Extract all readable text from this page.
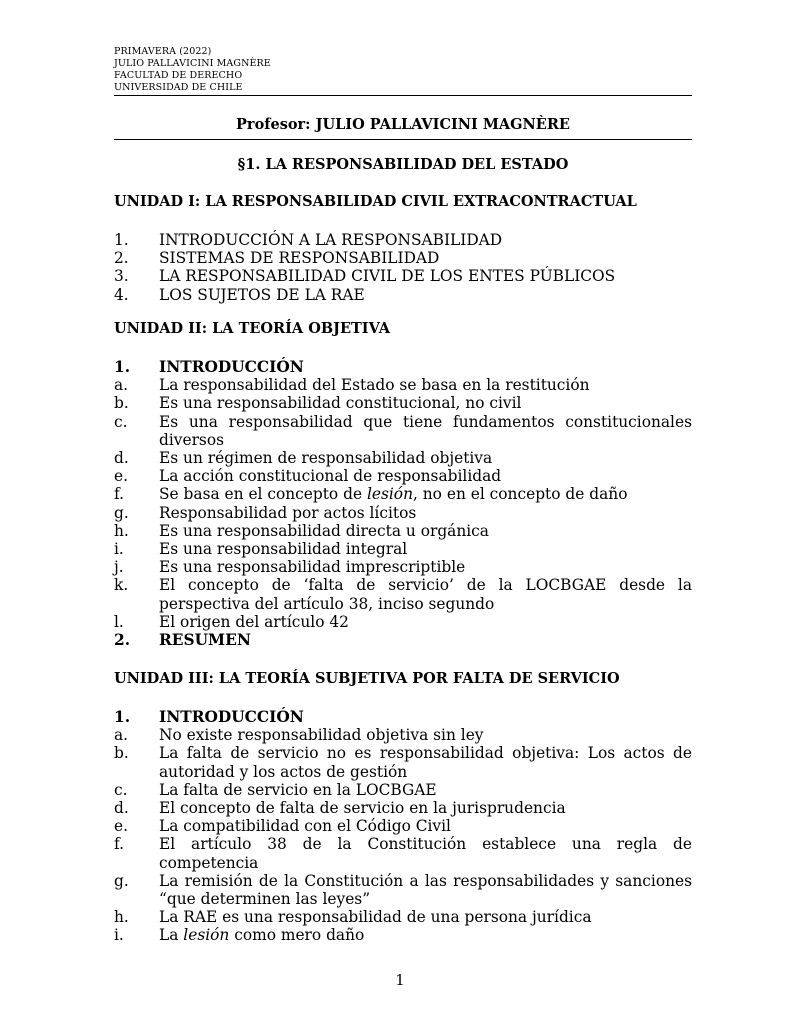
PRIMAVERA (2022)
JULIO PALLAVICINI MAGNÈRE
FACULTAD DE DERECHO
UNIVERSIDAD DE CHILE
Profesor: JULIO PALLAVICINI MAGNÈRE
§1. LA RESPONSABILIDAD DEL ESTADO
UNIDAD I: LA RESPONSABILIDAD CIVIL EXTRACONTRACTUAL
1. INTRODUCCIÓN A LA RESPONSABILIDAD
2. SISTEMAS DE RESPONSABILIDAD
3. LA RESPONSABILIDAD CIVIL DE LOS ENTES PÚBLICOS
4. LOS SUJETOS DE LA RAE
UNIDAD II: LA TEORÍA OBJETIVA
1. INTRODUCCIÓN
a. La responsabilidad del Estado se basa en la restitución
b. Es una responsabilidad constitucional, no civil
c. Es una responsabilidad que tiene fundamentos constitucionales diversos
d. Es un régimen de responsabilidad objetiva
e. La acción constitucional de responsabilidad
f. Se basa en el concepto de lesión, no en el concepto de daño
g. Responsabilidad por actos lícitos
h. Es una responsabilidad directa u orgánica
i. Es una responsabilidad integral
j. Es una responsabilidad imprescriptible
k. El concepto de ‘falta de servicio’ de la LOCBGAE desde la perspectiva del artículo 38, inciso segundo
l. El origen del artículo 42
2. RESUMEN
UNIDAD III: LA TEORÍA SUBJETIVA POR FALTA DE SERVICIO
1. INTRODUCCIÓN
a. No existe responsabilidad objetiva sin ley
b. La falta de servicio no es responsabilidad objetiva: Los actos de autoridad y los actos de gestión
c. La falta de servicio en la LOCBGAE
d. El concepto de falta de servicio en la jurisprudencia
e. La compatibilidad con el Código Civil
f. El artículo 38 de la Constitución establece una regla de competencia
g. La remisión de la Constitución a las responsabilidades y sanciones “que determinen las leyes”
h. La RAE es una responsabilidad de una persona jurídica
i. La lesión como mero daño
1
